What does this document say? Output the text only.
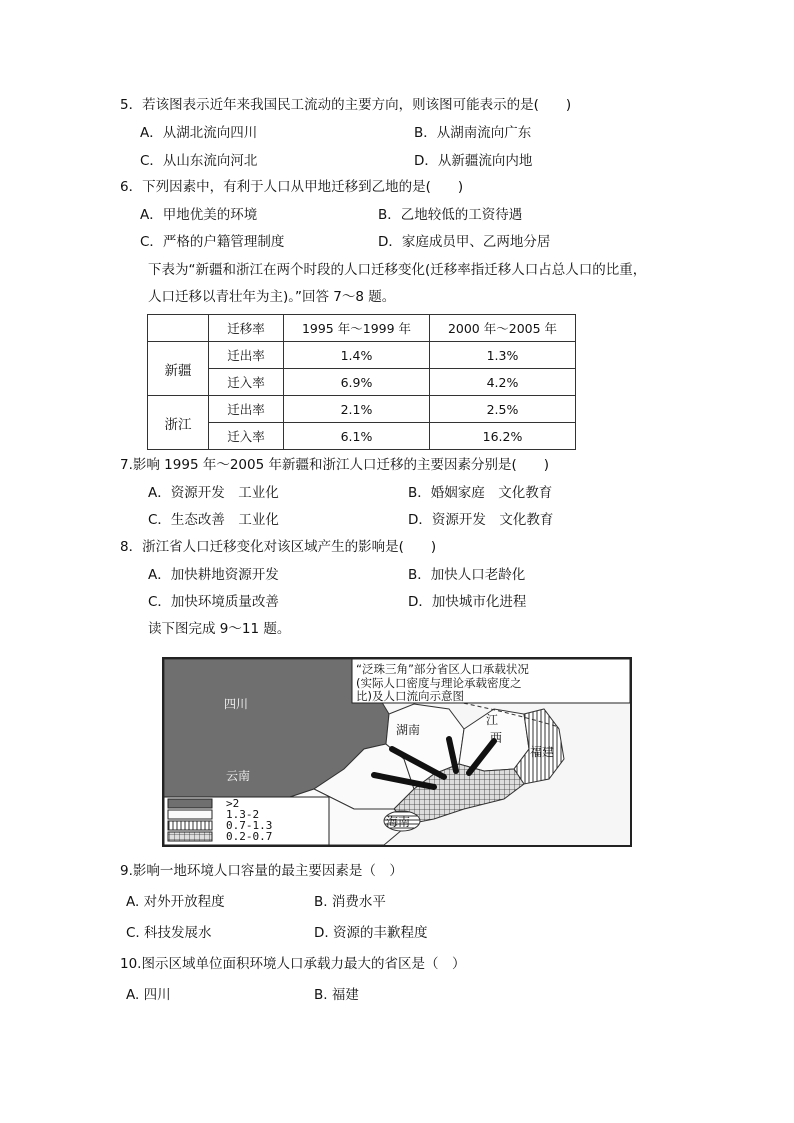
5．若该图表示近年来我国民工流动的主要方向，则该图可能表示的是(　　)
A．从湖北流向四川	B．从湖南流向广东
C．从山东流向河北	D．从新疆流向内地
6．下列因素中，有利于人口从甲地迁移到乙地的是(　　)
A．甲地优美的环境	B．乙地较低的工资待遇
C．严格的户籍管理制度	D．家庭成员甲、乙两地分居
下表为“新疆和浙江在两个时段的人口迁移变化(迁移率指迁移人口占总人口的比重，
人口迁移以青壮年为主)。”回答 7～8 题。
	迁移率	1995 年～1999 年	2000 年～2005 年
新疆	迁出率	1.4%	1.3%
	迁入率	6.9%	4.2%
浙江	迁出率	2.1%	2.5%
	迁入率	6.1%	16.2%
7.影响 1995 年～2005 年新疆和浙江人口迁移的主要因素分别是(　　)
A．资源开发　工业化	B．婚姻家庭　文化教育
C．生态改善　工业化	D．资源开发　文化教育
8．浙江省人口迁移变化对该区域产生的影响是(　　)
A．加快耕地资源开发	B．加快人口老龄化
C．加快环境质量改善	D．加快城市化进程
读下图完成 9～11 题。
“泛珠三角”部分省区人口承载状况
(实际人口密度与理论承载密度之
比)及人口流向示意图
四川
云南
湖南
江
西
福建
海南
>2
1.3-2
0.7-1.3
0.2-0.7
9.影响一地环境人口容量的最主要因素是（　）
A. 对外开放程度	B. 消费水平
C. 科技发展水	D. 资源的丰歉程度
10.图示区域单位面积环境人口承载力最大的省区是（　）
A. 四川	B. 福建
